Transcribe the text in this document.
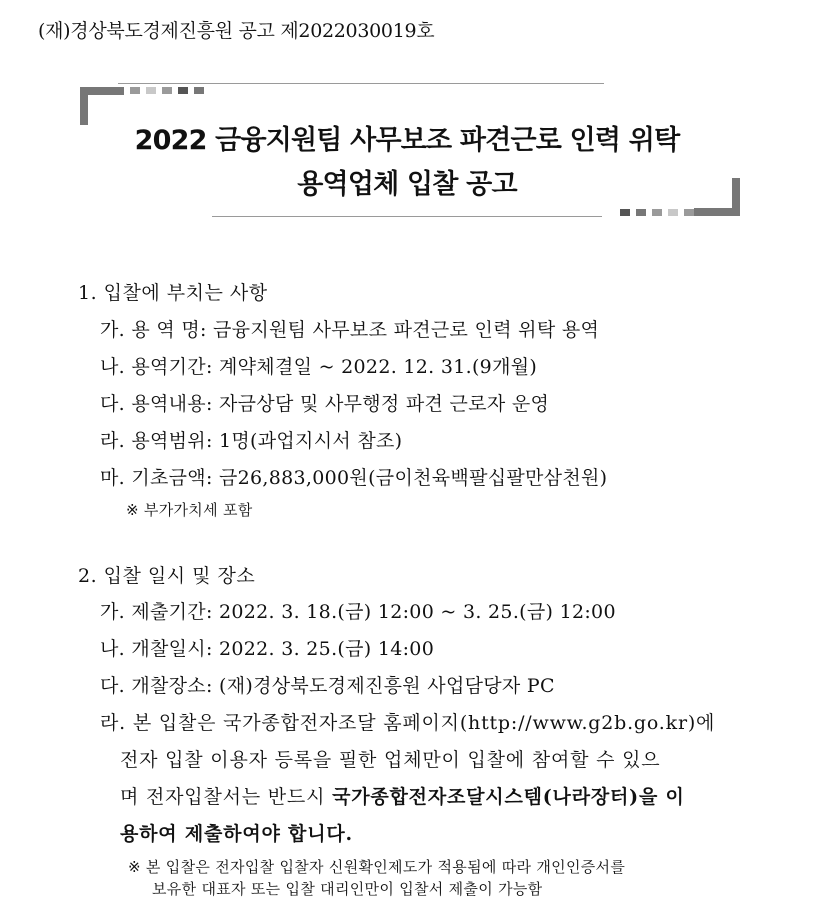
(재)경상북도경제진흥원 공고 제2022030019호
2022 금융지원팀 사무보조 파견근로 인력 위탁
용역업체 입찰 공고
1. 입찰에 부치는 사항
가. 용 역 명: 금융지원팀 사무보조 파견근로 인력 위탁 용역
나. 용역기간: 계약체결일 ~ 2022. 12. 31.(9개월)
다. 용역내용: 자금상담 및 사무행정 파견 근로자 운영
라. 용역범위: 1명(과업지시서 참조)
마. 기초금액: 금26,883,000원(금이천육백팔십팔만삼천원)
※ 부가가치세 포함
2. 입찰 일시 및 장소
가. 제출기간: 2022. 3. 18.(금) 12:00 ~ 3. 25.(금) 12:00
나. 개찰일시: 2022. 3. 25.(금) 14:00
다. 개찰장소: (재)경상북도경제진흥원 사업담당자 PC
라. 본 입찰은 국가종합전자조달 홈페이지(http://www.g2b.go.kr)에
전자 입찰 이용자 등록을 필한 업체만이 입찰에 참여할 수 있으
며 전자입찰서는 반드시 국가종합전자조달시스템(나라장터)을 이
용하여 제출하여야 합니다.
※ 본 입찰은 전자입찰 입찰자 신원확인제도가 적용됨에 따라 개인인증서를
보유한 대표자 또는 입찰 대리인만이 입찰서 제출이 가능함
